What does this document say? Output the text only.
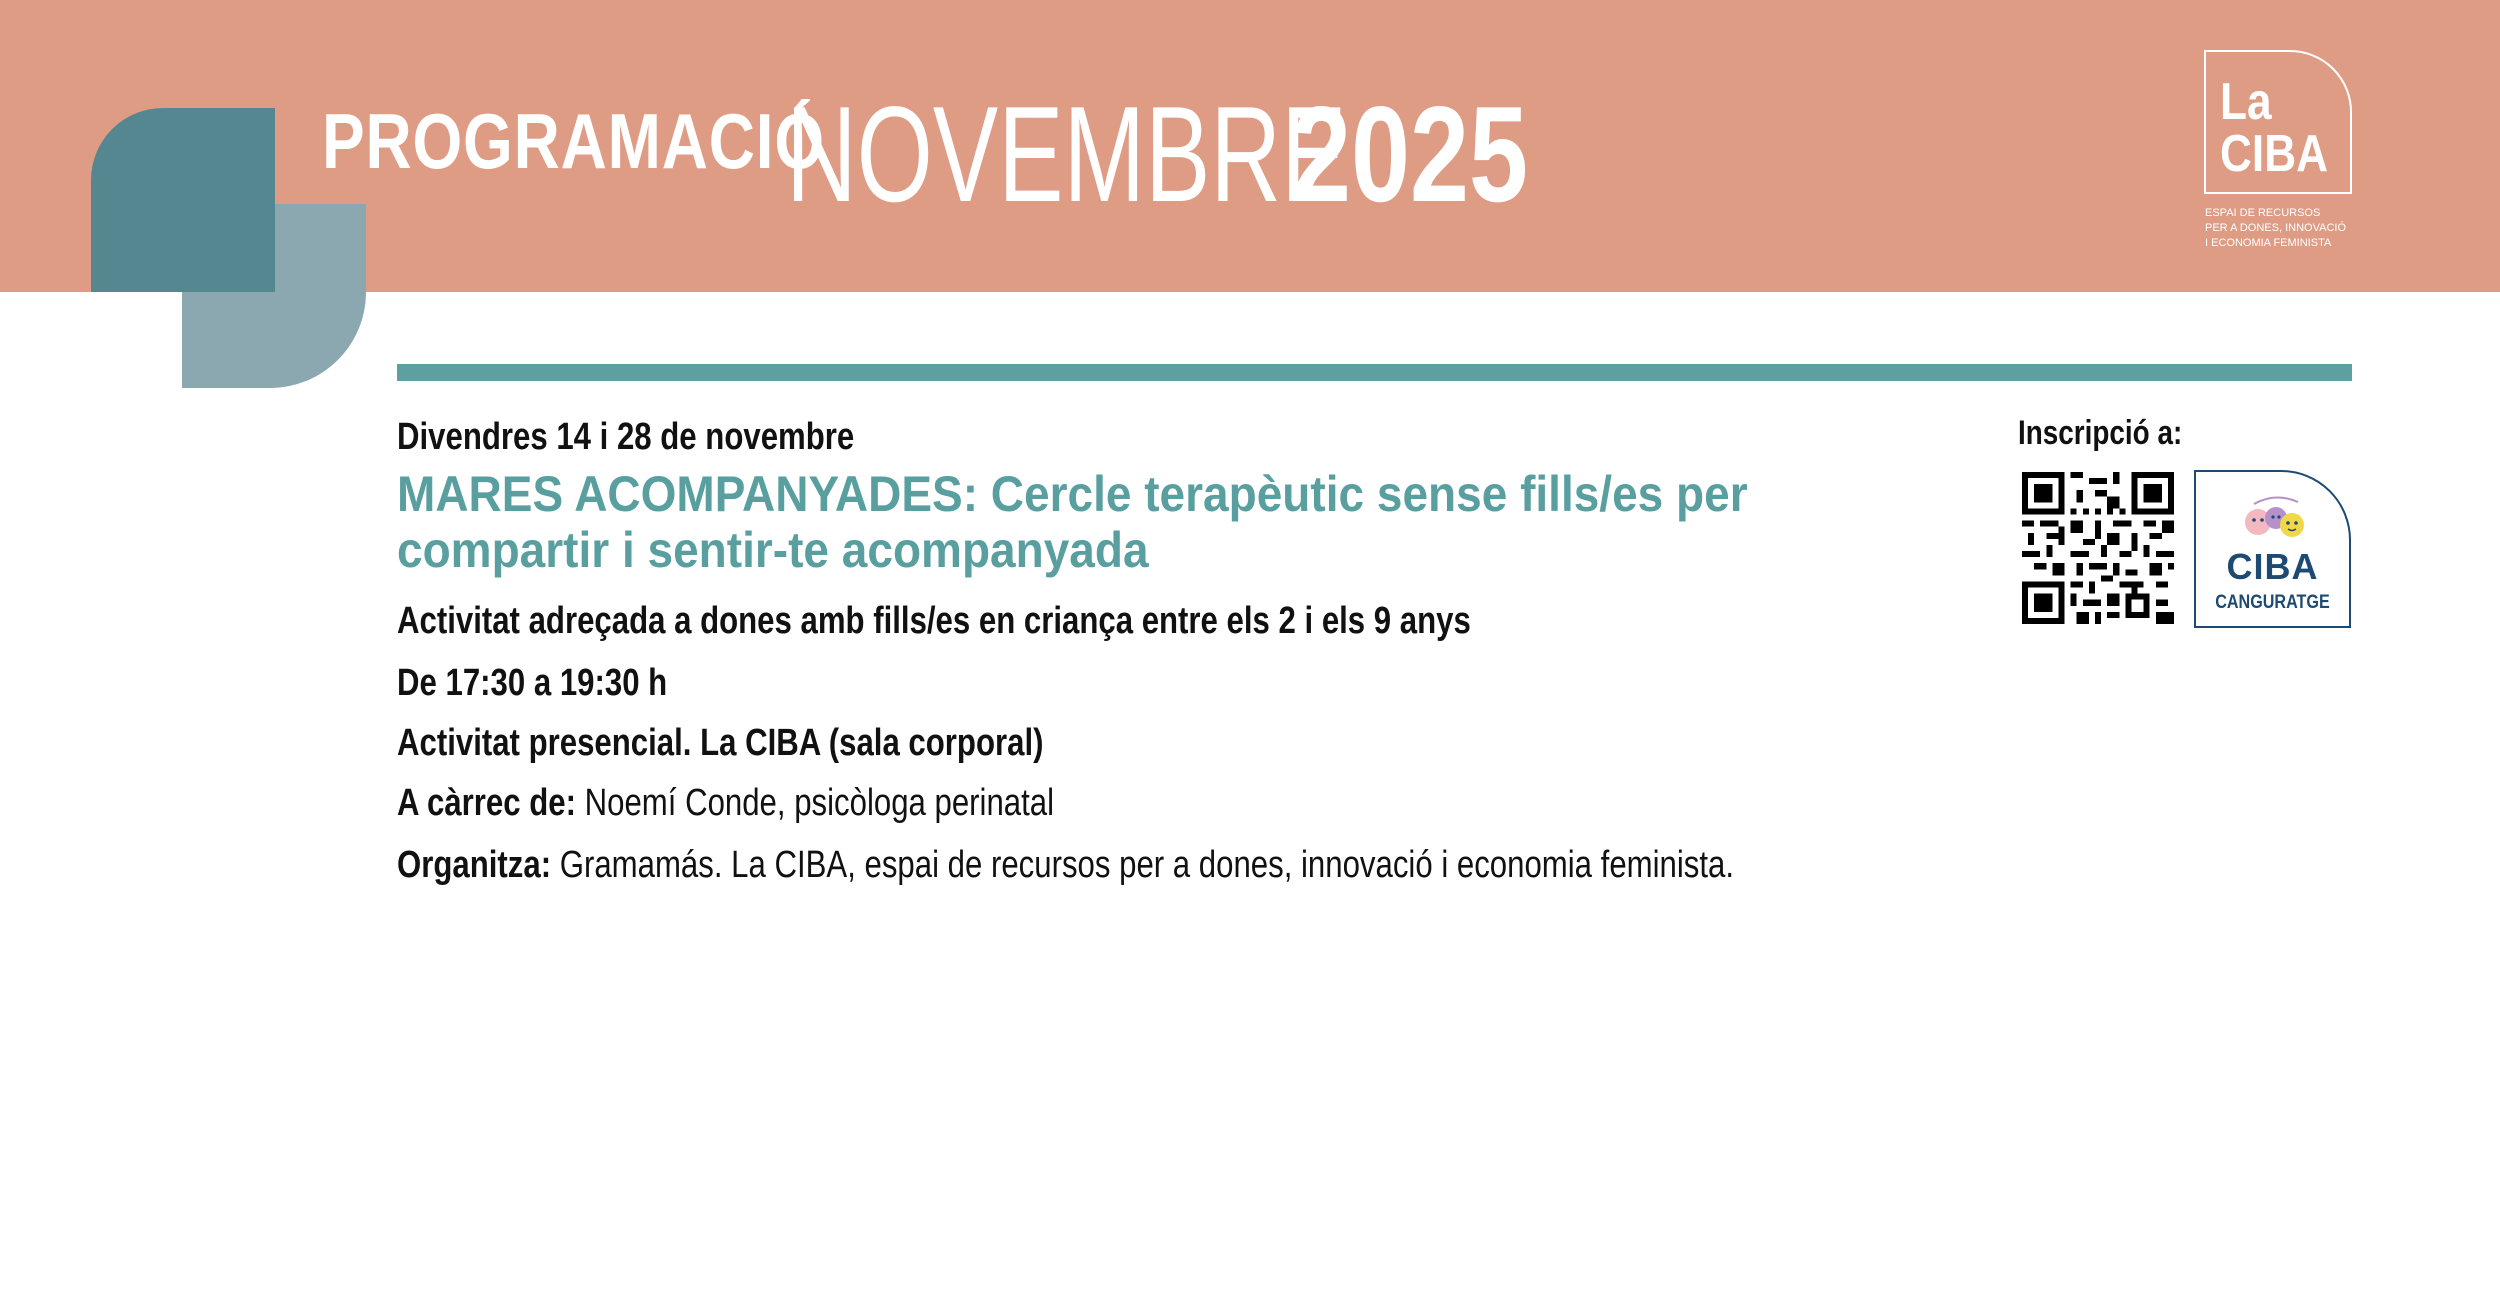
PROGRAMACIÓ
NOVEMBRE
2025	La
CIBA
ESPAI DE RECURSOS
PER A DONES, INNOVACIÓ
I ECONOMIA FEMINISTA
Divendres 14 i 28 de novembre
MARES ACOMPANYADES: Cercle terapèutic sense fills/es per compartir i sentir-te acompanyada
Activitat adreçada a dones amb fills/es en criança entre els 2 i els 9 anys
De 17:30 a 19:30 h
Activitat presencial. La CIBA (sala corporal)
A càrrec de: Noemí Conde, psicòloga perinatal
Organitza: Gramamás. La CIBA, espai de recursos per a dones, innovació i economia feminista.
Inscripció a:
CIBA
CANGURATGE
